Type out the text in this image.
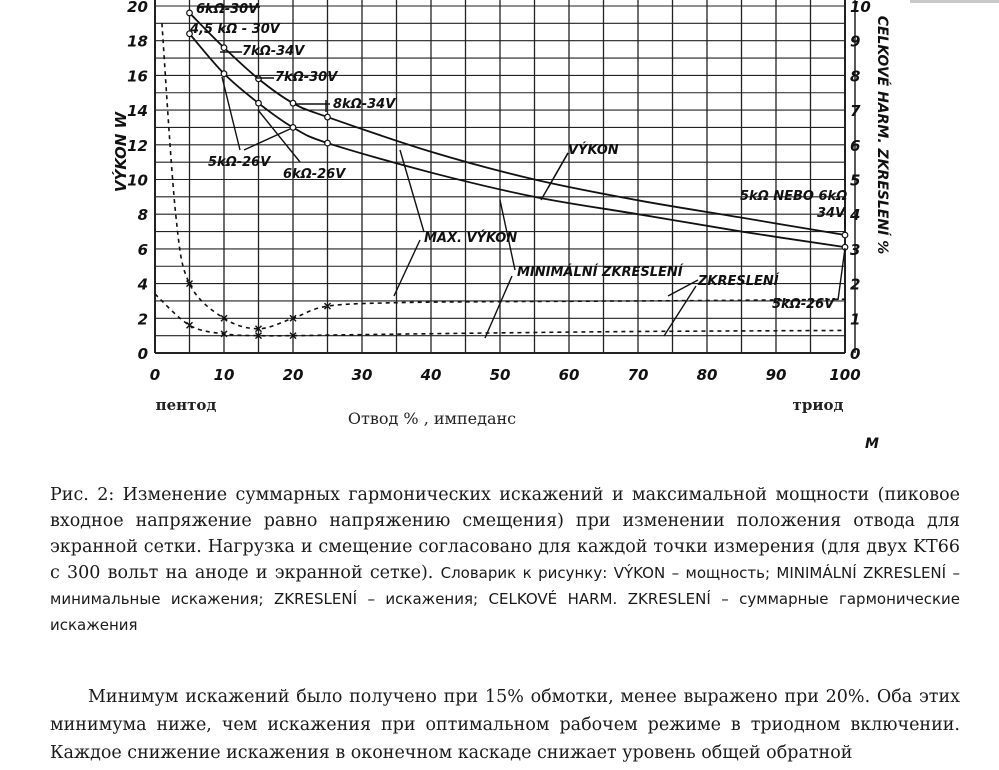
0	10	20	30	40	50	60	70	80	90	100
0
2
4
6
8
10
12
14
16
18
20
0
1
2
3
4
5
6
7
8
9
10
VÝKON W	CELKOVÉ HARM. ZKRESLENÍ %
пентод
Отвод % , импеданс
триод
M
6kΩ-30V
4,5 kΩ - 30V
7kΩ-34V
7kΩ-30V
8kΩ-34V
5kΩ-26V
6kΩ-26V
VÝKON
MAX. VÝKON
MINIMÁLNÍ ZKRESLENÍ
ZKRESLENÍ
5kΩ NEBO 6kΩ
34V
5kΩ-26V
Рис. 2: Изменение суммарных гармонических искажений и максимальной мощности (пиковое входное напряжение равно напряжению смещения) при изменении положения отвода для экранной сетки. Нагрузка и смещение согласовано для каждой точки измерения (для двух KT66 с 300 вольт на аноде и экранной сетке). Словарик к рисунку: VÝKON – мощность; MINIMÁLNÍ ZKRESLENÍ – минимальные искажения; ZKRESLENÍ – искажения; CELKOVÉ HARM. ZKRESLENÍ – суммарные гармонические искажения
Минимум искажений было получено при 15% обмотки, менее выражено при 20%. Оба этих минимума ниже, чем искажения при оптимальном рабочем режиме в триодном включении. Каждое снижение искажения в оконечном каскаде снижает уровень общей обратной
